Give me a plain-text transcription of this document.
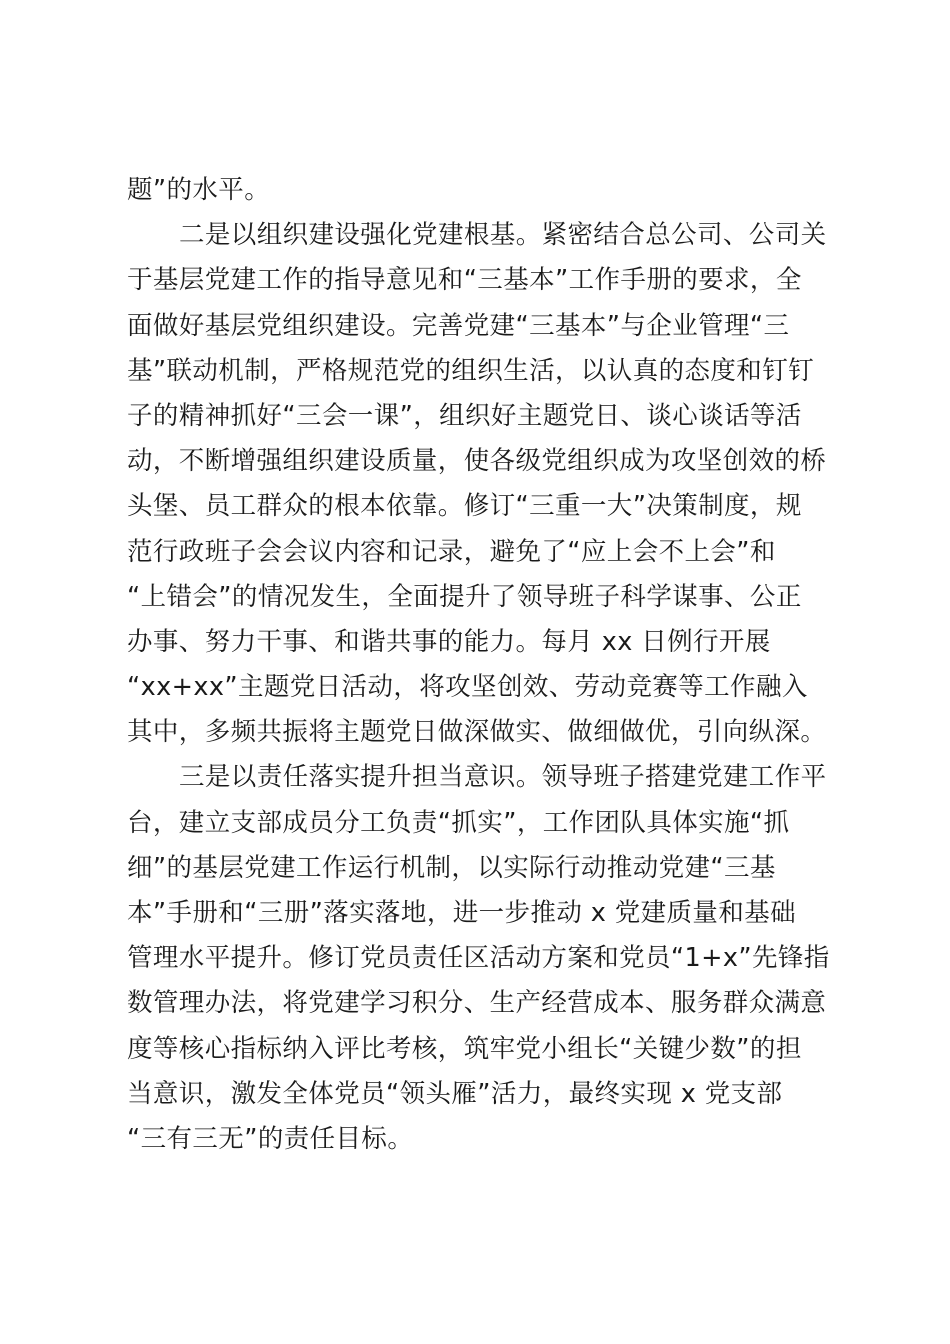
题”的水平。
二是以组织建设强化党建根基。紧密结合总公司、公司关
于基层党建工作的指导意见和“三基本”工作手册的要求，全
面做好基层党组织建设。完善党建“三基本”与企业管理“三
基”联动机制，严格规范党的组织生活，以认真的态度和钉钉
子的精神抓好“三会一课”，组织好主题党日、谈心谈话等活
动，不断增强组织建设质量，使各级党组织成为攻坚创效的桥
头堡、员工群众的根本依靠。修订“三重一大”决策制度，规
范行政班子会会议内容和记录，避免了“应上会不上会”和
“上错会”的情况发生，全面提升了领导班子科学谋事、公正
办事、努力干事、和谐共事的能力。每月 xx 日例行开展
“xx+xx”主题党日活动，将攻坚创效、劳动竞赛等工作融入
其中，多频共振将主题党日做深做实、做细做优，引向纵深。
三是以责任落实提升担当意识。领导班子搭建党建工作平
台，建立支部成员分工负责“抓实”，工作团队具体实施“抓
细”的基层党建工作运行机制，以实际行动推动党建“三基
本”手册和“三册”落实落地，进一步推动 x 党建质量和基础
管理水平提升。修订党员责任区活动方案和党员“1+x”先锋指
数管理办法，将党建学习积分、生产经营成本、服务群众满意
度等核心指标纳入评比考核，筑牢党小组长“关键少数”的担
当意识，激发全体党员“领头雁”活力，最终实现 x 党支部
“三有三无”的责任目标。
